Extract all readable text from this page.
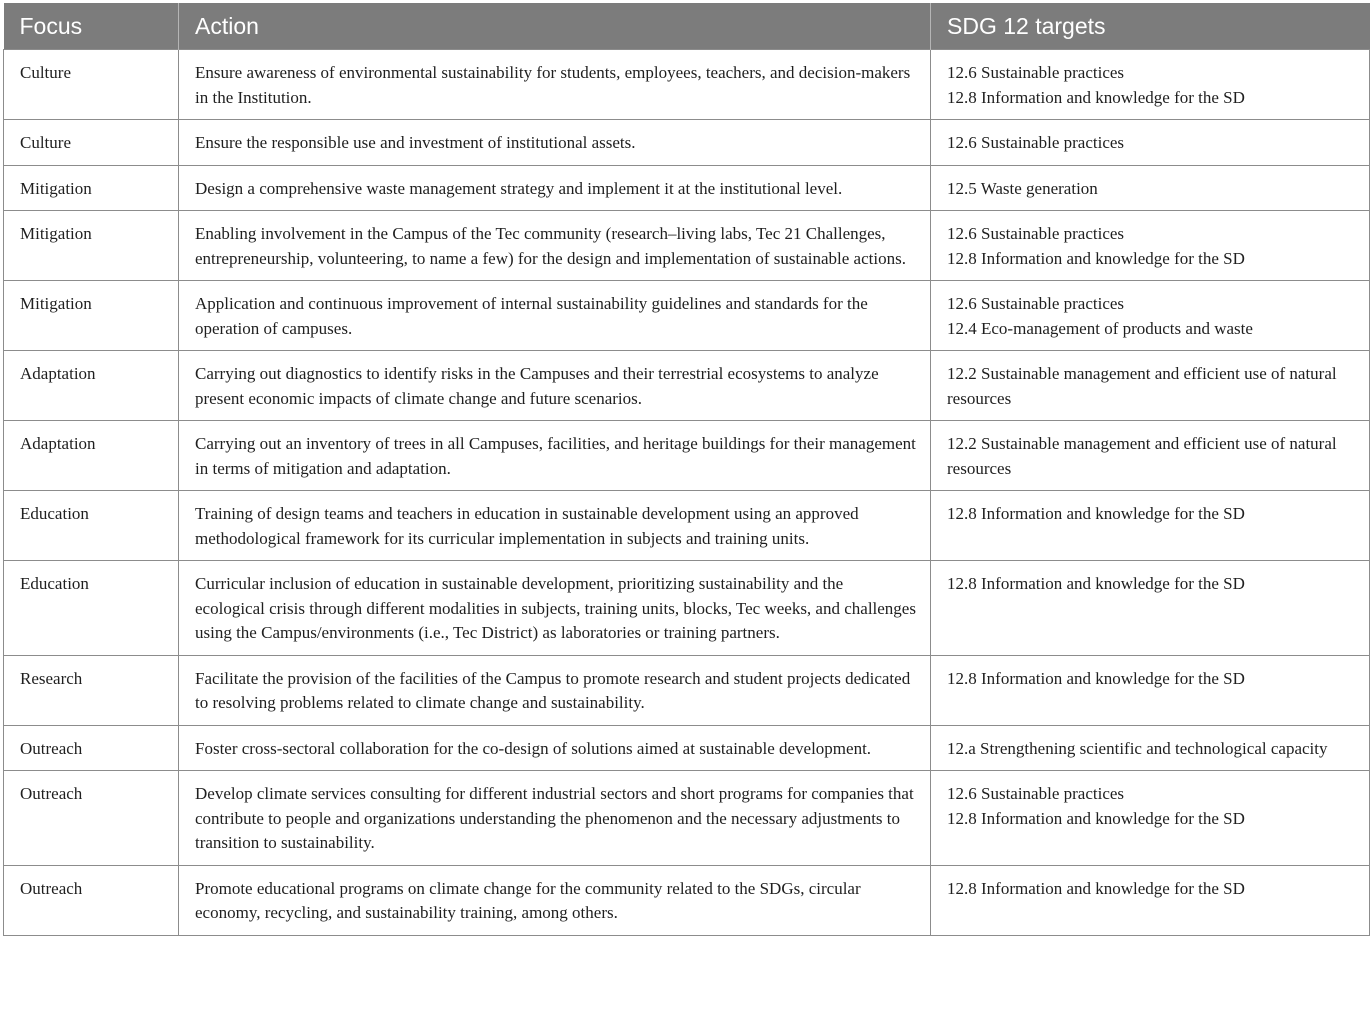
Focus	Action	SDG 12 targets
Culture	Ensure awareness of environmental sustainability for students, employees, teachers, and decision-makers in the Institution.	12.6 Sustainable practices
12.8 Information and knowledge for the SD

Culture	Ensure the responsible use and investment of institutional assets.	12.6 Sustainable practices

Mitigation	Design a comprehensive waste management strategy and implement it at the institutional level.	12.5 Waste generation

Mitigation	Enabling involvement in the Campus of the Tec community (research–living labs, Tec 21 Challenges, entrepreneurship, volunteering, to name a few) for the design and implementation of sustainable actions.	12.6 Sustainable practices
12.8 Information and knowledge for the SD

Mitigation	Application and continuous improvement of internal sustainability guidelines and standards for the operation of campuses.	12.6 Sustainable practices
12.4 Eco-management of products and waste

Adaptation	Carrying out diagnostics to identify risks in the Campuses and their terrestrial ecosystems to analyze present economic impacts of climate change and future scenarios.	12.2 Sustainable management and efficient use of natural resources

Adaptation	Carrying out an inventory of trees in all Campuses, facilities, and heritage buildings for their management in terms of mitigation and adaptation.	12.2 Sustainable management and efficient use of natural resources

Education	Training of design teams and teachers in education in sustainable development using an approved methodological framework for its curricular implementation in subjects and training units.	12.8 Information and knowledge for the SD

Education	Curricular inclusion of education in sustainable development, prioritizing sustainability and the ecological crisis through different modalities in subjects, training units, blocks, Tec weeks, and challenges using the Campus/environments (i.e., Tec District) as laboratories or training partners.	12.8 Information and knowledge for the SD

Research	Facilitate the provision of the facilities of the Campus to promote research and student projects dedicated to resolving problems related to climate change and sustainability.	12.8 Information and knowledge for the SD

Outreach	Foster cross-sectoral collaboration for the co-design of solutions aimed at sustainable development.	12.a Strengthening scientific and technological capacity

Outreach	Develop climate services consulting for different industrial sectors and short programs for companies that contribute to people and organizations understanding the phenomenon and the necessary adjustments to transition to sustainability.	12.6 Sustainable practices
12.8 Information and knowledge for the SD

Outreach	Promote educational programs on climate change for the community related to the SDGs, circular economy, recycling, and sustainability training, among others.	12.8 Information and knowledge for the SD
